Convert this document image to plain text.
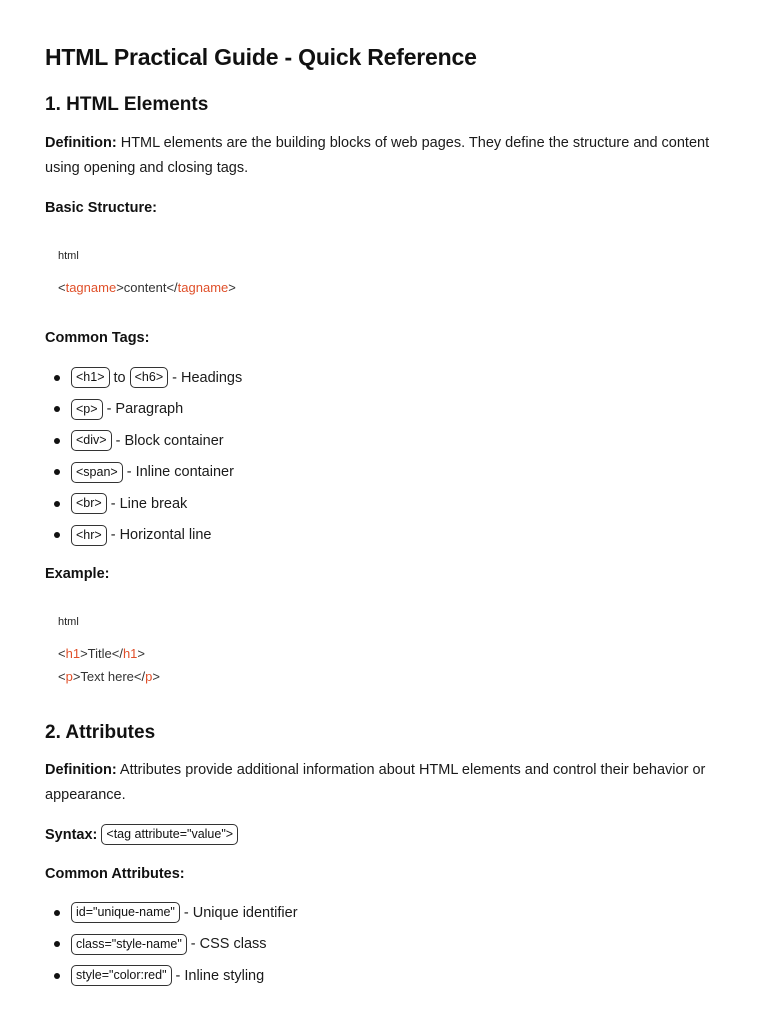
HTML Practical Guide - Quick Reference
1. HTML Elements

Definition: HTML elements are the building blocks of web pages. They define the structure and content using opening and closing tags.

Basic Structure:
html
<tagname>content</tagname>
Common Tags:
<h1> to <h6> - Headings
<p> - Paragraph
<div> - Block container
<span> - Inline container
<br> - Line break
<hr> - Horizontal line
Example:
html
<h1>Title</h1>
<p>Text here</p>
2. Attributes

Definition: Attributes provide additional information about HTML elements and control their behavior or appearance.

Syntax: <tag attribute="value">
Common Attributes:
id="unique-name" - Unique identifier
class="style-name" - CSS class
style="color:red" - Inline styling
